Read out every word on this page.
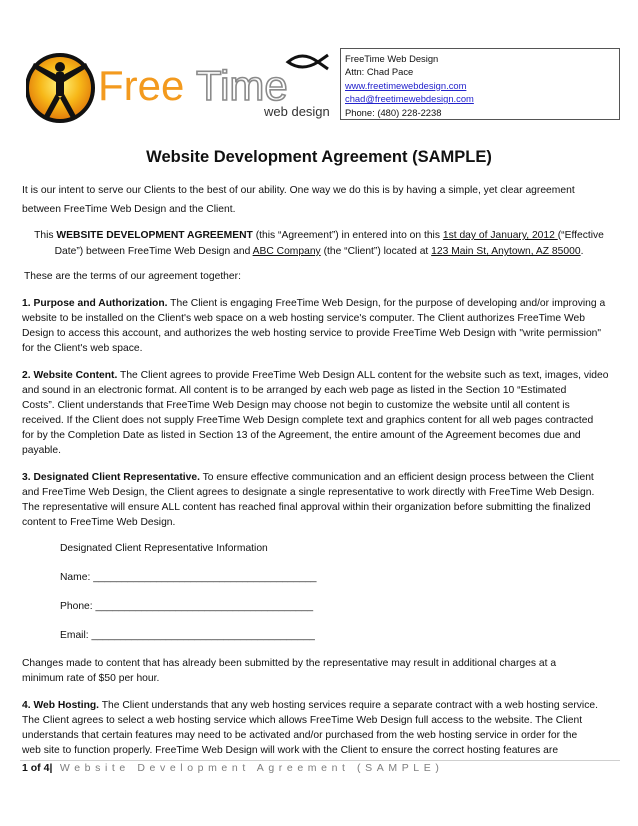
Free Time
web design
FreeTime Web Design
Attn: Chad Pace
www.freetimewebdesign.com
chad@freetimewebdesign.com
Phone: (480) 228-2238
Website Development Agreement (SAMPLE)
It is our intent to serve our Clients to the best of our ability. One way we do this is by having a simple, yet clear agreement
between FreeTime Web Design and the Client.
This WEBSITE DEVELOPMENT AGREEMENT (this “Agreement”) in entered into on this 1st day of January, 2012 (“Effective
Date”) between FreeTime Web Design and ABC Company (the “Client”) located at 123 Main St, Anytown, AZ 85000.
These are the terms of our agreement together:
1. Purpose and Authorization. The Client is engaging FreeTime Web Design, for the purpose of developing and/or improving a
website to be installed on the Client's web space on a web hosting service's computer. The Client authorizes FreeTime Web
Design to access this account, and authorizes the web hosting service to provide FreeTime Web Design with "write permission"
for the Client's web space.
2. Website Content. The Client agrees to provide FreeTime Web Design ALL content for the website such as text, images, video
and sound in an electronic format. All content is to be arranged by each web page as listed in the Section 10 “Estimated
Costs”. Client understands that FreeTime Web Design may choose not begin to customize the website until all content is
received. If the Client does not supply FreeTime Web Design complete text and graphics content for all web pages contracted
for by the Completion Date as listed in Section 13 of the Agreement, the entire amount of the Agreement becomes due and
payable.
3. Designated Client Representative. To ensure effective communication and an efficient design process between the Client
and FreeTime Web Design, the Client agrees to designate a single representative to work directly with FreeTime Web Design.
The representative will ensure ALL content has reached final approval within their organization before submitting the finalized
content to FreeTime Web Design.
Designated Client Representative Information
Name: _______________________________________
Phone: ______________________________________
Email: _______________________________________
Changes made to content that has already been submitted by the representative may result in additional charges at a
minimum rate of $50 per hour.
4. Web Hosting. The Client understands that any web hosting services require a separate contract with a web hosting service.
The Client agrees to select a web hosting service which allows FreeTime Web Design full access to the website. The Client
understands that certain features may need to be activated and/or purchased from the web hosting service in order for the
web site to function properly. FreeTime Web Design will work with the Client to ensure the correct hosting features are
1 of 4| Website Development Agreement (SAMPLE)
